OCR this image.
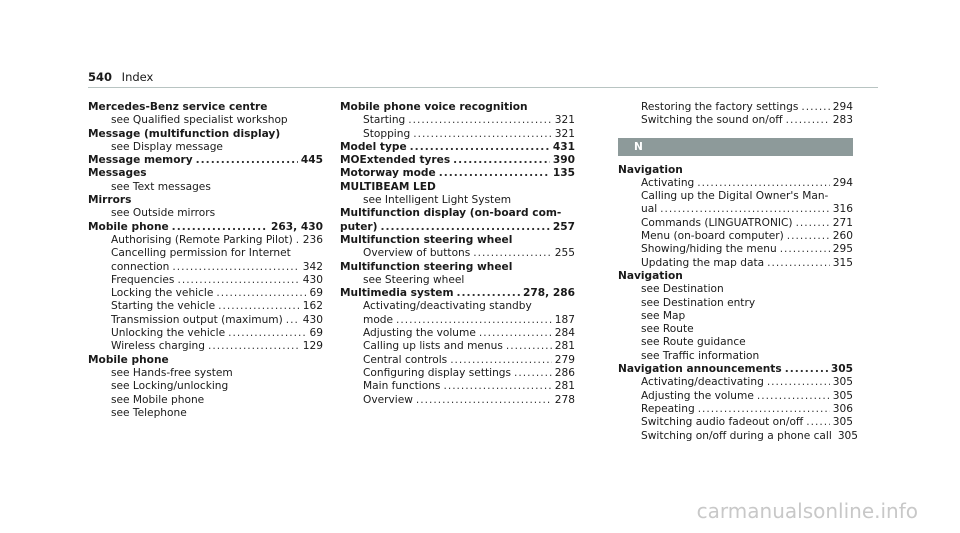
540 Index
Mercedes-Benz service centre
see Qualified specialist workshop
Message (multifunction display)
see Display message
Message memory .....	445
Messages
see Text messages
Mirrors
see Outside mirrors
Mobile phone .....	263, 430
Authorising (Remote Parking Pilot) ..... 236
Cancelling permission for Internet
connection .....	342
Frequencies .....	430
Locking the vehicle .....	69
Starting the vehicle .....	162
Transmission output (maximum) ..... 430
Unlocking the vehicle .....	69
Wireless charging .....	129
Mobile phone
see Hands-free system
see Locking/unlocking
see Mobile phone
see Telephone
Mobile phone voice recognition
Starting .....	321
Stopping .....	321
Model type .....	431
MOExtended tyres .....	390
Motorway mode .....	135
MULTIBEAM LED
see Intelligent Light System
Multifunction display (on-board com-
puter) .....	257
Multifunction steering wheel
Overview of buttons .....	255
Multifunction steering wheel
see Steering wheel
Multimedia system .....	278, 286
Activating/deactivating standby
mode .....	187
Adjusting the volume .....	284
Calling up lists and menus .....	281
Central controls .....	279
Configuring display settings .....	286
Main functions .....	281
Overview .....	278
Restoring the factory settings .....	294
Switching the sound on/off .....	283
N
Navigation
Activating .....	294
Calling up the Digital Owner's Man-
ual .....	316
Commands (LINGUATRONIC) .....	271
Menu (on-board computer) .....	260
Showing/hiding the menu .....	295
Updating the map data .....	315
Navigation
see Destination
see Destination entry
see Map
see Route
see Route guidance
see Traffic information
Navigation announcements .....	305
Activating/deactivating .....	305
Adjusting the volume .....	305
Repeating .....	306
Switching audio fadeout on/off .....	305
Switching on/off during a phone call 305
carmanualsonline.info
